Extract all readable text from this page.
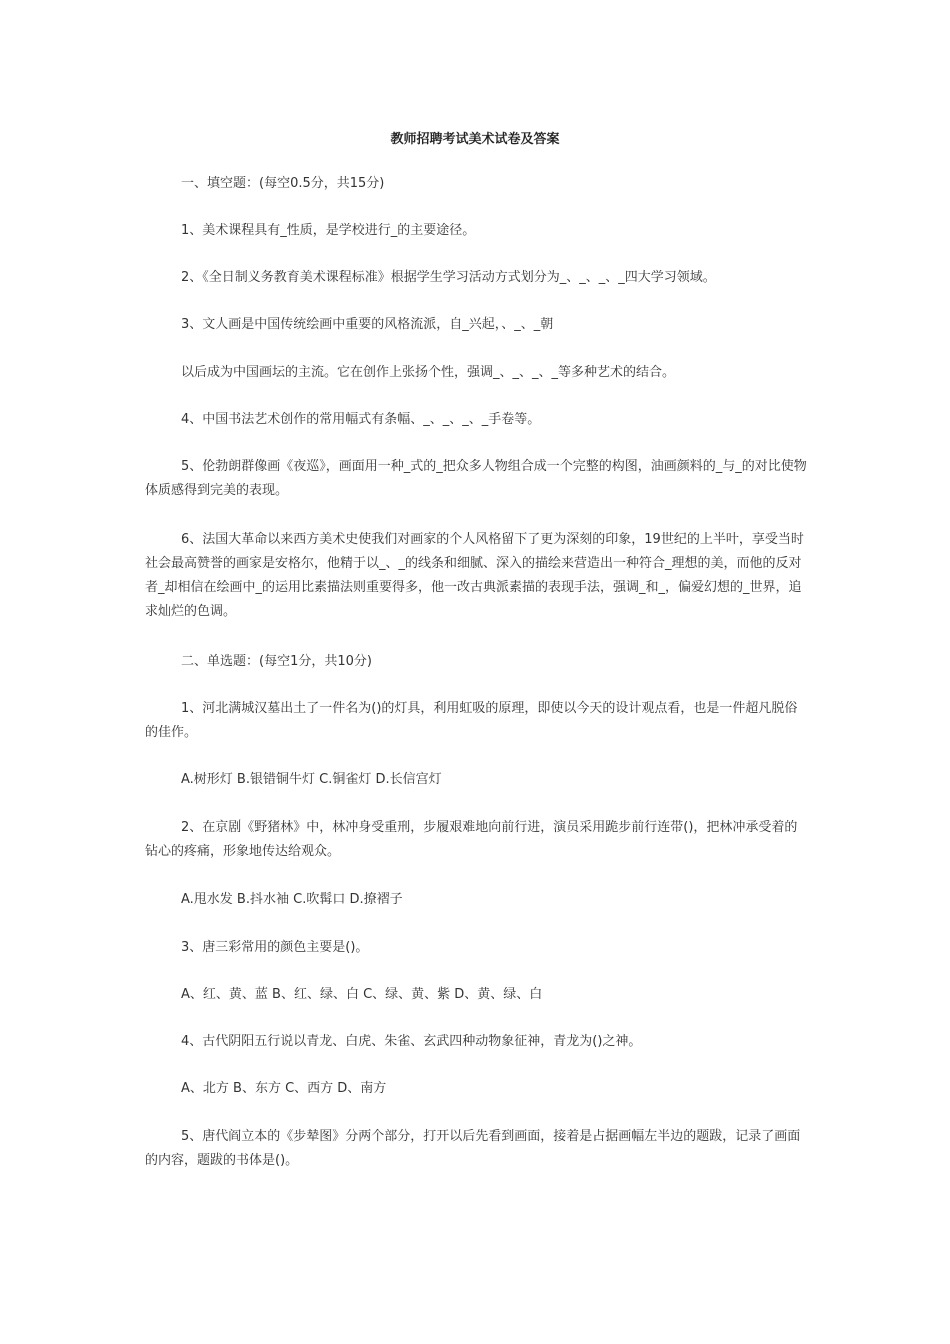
教师招聘考试美术试卷及答案
一、填空题：(每空0.5分，共15分)
1、美术课程具有_性质，是学校进行_的主要途径。
2、《全日制义务教育美术课程标准》根据学生学习活动方式划分为_、_、_、_四大学习领域。
3、文人画是中国传统绘画中重要的风格流派，自_兴起，、_、_朝
以后成为中国画坛的主流。它在创作上张扬个性，强调_、_、_、_等多种艺术的结合。
4、中国书法艺术创作的常用幅式有条幅、_、_、_、_手卷等。
5、伦勃朗群像画《夜巡》，画面用一种_式的_把众多人物组合成一个完整的构图，油画颜料的_与_的对比使物体质感得到完美的表现。
6、法国大革命以来西方美术史使我们对画家的个人风格留下了更为深刻的印象，19世纪的上半叶，享受当时社会最高赞誉的画家是安格尔，他精于以_、_的线条和细腻、深入的描绘来营造出一种符合_理想的美，而他的反对者_却相信在绘画中_的运用比素描法则重要得多，他一改古典派素描的表现手法，强调_和_，偏爱幻想的_世界，追求灿烂的色调。
二、单选题：(每空1分，共10分)
1、河北满城汉墓出土了一件名为()的灯具，利用虹吸的原理，即使以今天的设计观点看，也是一件超凡脱俗的佳作。
A.树形灯 B.银错铜牛灯 C.铜雀灯 D.长信宫灯
2、在京剧《野猪林》中，林冲身受重刑，步履艰难地向前行进，演员采用跪步前行连带()，把林冲承受着的钻心的疼痛，形象地传达给观众。
A.甩水发 B.抖水袖 C.吹髯口 D.撩褶子
3、唐三彩常用的颜色主要是()。
A、红、黄、蓝 B、红、绿、白 C、绿、黄、紫 D、黄、绿、白
4、古代阴阳五行说以青龙、白虎、朱雀、玄武四种动物象征神，青龙为()之神。
A、北方 B、东方 C、西方 D、南方
5、唐代阎立本的《步辇图》分两个部分，打开以后先看到画面，接着是占据画幅左半边的题跋，记录了画面的内容，题跋的书体是()。
